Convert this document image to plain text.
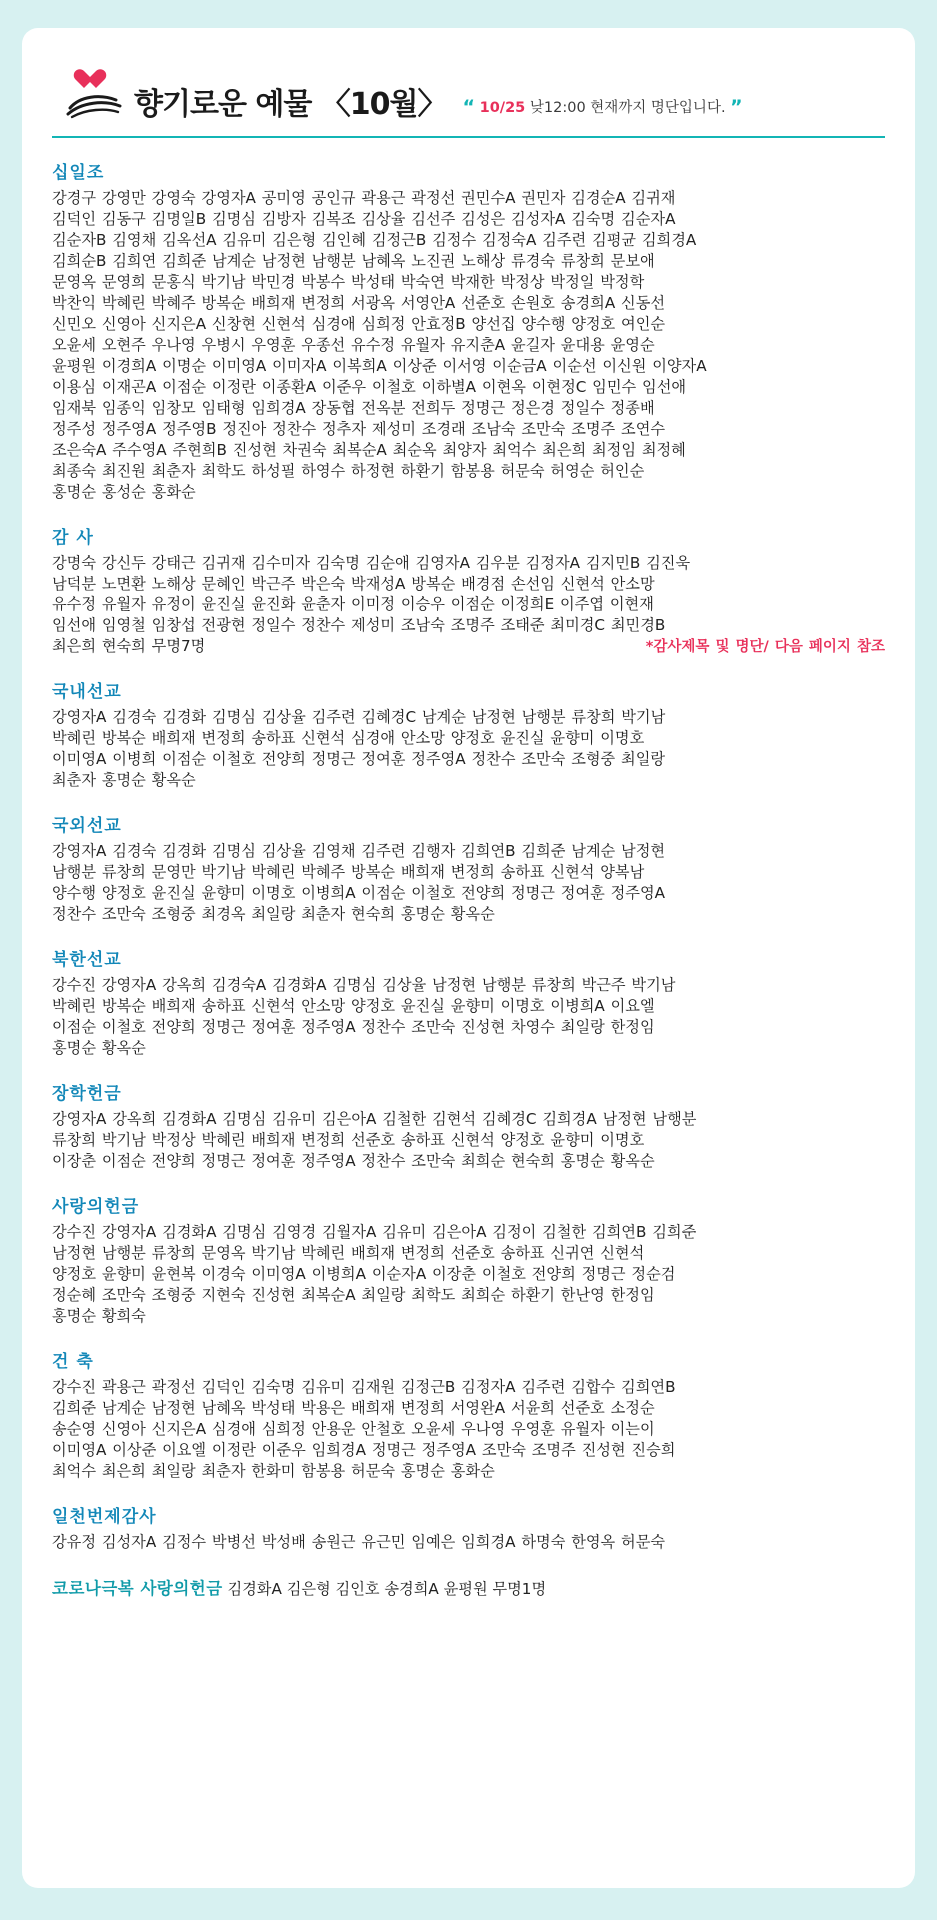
향기로운 예물 〈10월〉 “ 10/25 낮12:00 현재까지 명단입니다. ”
십일조
강경구 강영만 강영숙 강영자A 공미영 공인규 곽용근 곽정선 권민수A 권민자 김경순A 김귀재
김덕인 김동구 김명일B 김명심 김방자 김복조 김상율 김선주 김성은 김성자A 김숙명 김순자A
김순자B 김영채 김옥선A 김유미 김은형 김인혜 김정근B 김정수 김정숙A 김주련 김평균 김희경A
김희순B 김희연 김희준 남계순 남정현 남행분 남혜옥 노진권 노해상 류경숙 류창희 문보애
문영옥 문영희 문홍식 박기남 박민경 박봉수 박성태 박숙연 박재한 박정상 박정일 박정학
박찬익 박혜린 박혜주 방복순 배희재 변정희 서광옥 서영안A 선준호 손원호 송경희A 신동선
신민오 신영아 신지은A 신창현 신현석 심경애 심희정 안효정B 양선집 양수행 양정호 여인순
오윤세 오현주 우나영 우병시 우영훈 우종선 유수정 유월자 유지춘A 윤길자 윤대용 윤영순
윤평원 이경희A 이명순 이미영A 이미자A 이복희A 이상준 이서영 이순금A 이순선 이신원 이양자A
이용심 이재곤A 이점순 이정란 이종환A 이준우 이철호 이하별A 이현옥 이현정C 임민수 임선애
임재북 임종익 임창모 임태형 임희경A 장동협 전옥분 전희두 정명근 정은경 정일수 정종배
정주성 정주영A 정주영B 정진아 정찬수 정추자 제성미 조경래 조남숙 조만숙 조명주 조연수
조은숙A 주수영A 주현희B 진성현 차권숙 최복순A 최순옥 최양자 최억수 최은희 최정임 최정혜
최종숙 최진원 최춘자 최학도 하성필 하영수 하정현 하환기 함봉용 허문숙 허영순 허인순
홍명순 홍성순 홍화순
감 사
강명숙 강신두 강태근 김귀재 김수미자 김숙명 김순애 김영자A 김우분 김정자A 김지민B 김진욱
남덕분 노면환 노해상 문혜인 박근주 박은숙 박재성A 방복순 배경점 손선임 신현석 안소망
유수정 유월자 유정이 윤진실 윤진화 윤춘자 이미정 이승우 이점순 이정희E 이주엽 이현재
임선애 임영철 임창섭 전광현 정일수 정찬수 제성미 조남숙 조명주 조태준 최미경C 최민경B
최은희 현숙희 무명7명	*감사제목 및 명단/ 다음 페이지 참조
국내선교
강영자A 김경숙 김경화 김명심 김상율 김주련 김혜경C 남계순 남정현 남행분 류창희 박기남
박혜린 방복순 배희재 변정희 송하표 신현석 심경애 안소망 양정호 윤진실 윤향미 이명호
이미영A 이병희 이점순 이철호 전양희 정명근 정여훈 정주영A 정찬수 조만숙 조형중 최일랑
최춘자 홍명순 황옥순
국외선교
강영자A 김경숙 김경화 김명심 김상율 김영채 김주련 김행자 김희연B 김희준 남계순 남정현
남행분 류창희 문영만 박기남 박혜린 박혜주 방복순 배희재 변정희 송하표 신현석 양복남
양수행 양정호 윤진실 윤향미 이명호 이병희A 이점순 이철호 전양희 정명근 정여훈 정주영A
정찬수 조만숙 조형중 최경옥 최일랑 최춘자 현숙희 홍명순 황옥순
북한선교
강수진 강영자A 강옥희 김경숙A 김경화A 김명심 김상율 남정현 남행분 류창희 박근주 박기남
박혜린 방복순 배희재 송하표 신현석 안소망 양정호 윤진실 윤향미 이명호 이병희A 이요엘
이점순 이철호 전양희 정명근 정여훈 정주영A 정찬수 조만숙 진성현 차영수 최일랑 한정임
홍명순 황옥순
장학헌금
강영자A 강옥희 김경화A 김명심 김유미 김은아A 김철한 김현석 김혜경C 김희경A 남정현 남행분
류창희 박기남 박정상 박혜린 배희재 변정희 선준호 송하표 신현석 양정호 윤향미 이명호
이장춘 이점순 전양희 정명근 정여훈 정주영A 정찬수 조만숙 최희순 현숙희 홍명순 황옥순
사랑의헌금
강수진 강영자A 김경화A 김명심 김영경 김월자A 김유미 김은아A 김정이 김철한 김희연B 김희준
남정현 남행분 류창희 문영옥 박기남 박혜린 배희재 변정희 선준호 송하표 신귀연 신현석
양정호 윤향미 윤현복 이경숙 이미영A 이병희A 이순자A 이장춘 이철호 전양희 정명근 정순검
정순혜 조만숙 조형중 지현숙 진성현 최복순A 최일랑 최학도 최희순 하환기 한난영 한정임
홍명순 황희숙
건 축
강수진 곽용근 곽정선 김덕인 김숙명 김유미 김재원 김정근B 김정자A 김주련 김합수 김희연B
김희준 남계순 남정현 남혜옥 박성태 박용은 배희재 변정희 서영완A 서윤희 선준호 소정순
송순영 신영아 신지은A 심경애 심희정 안용운 안철호 오윤세 우나영 우영훈 유월자 이는이
이미영A 이상준 이요엘 이정란 이준우 임희경A 정명근 정주영A 조만숙 조명주 진성현 진승희
최억수 최은희 최일랑 최춘자 한화미 함봉용 허문숙 홍명순 홍화순
일천번제감사
강유정 김성자A 김정수 박병선 박성배 송원근 유근민 임예은 임희경A 하명숙 한영옥 허문숙
코로나극복 사랑의헌금 김경화A 김은형 김인호 송경희A 윤평원 무명1명
